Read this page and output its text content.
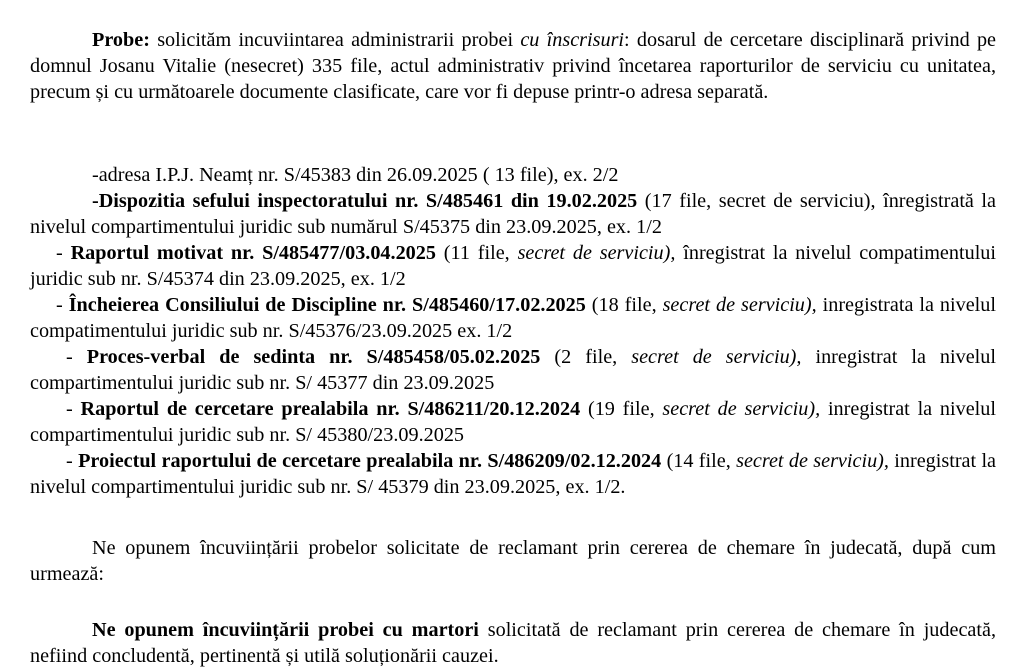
Probe: solicităm incuviintarea administrarii probei cu înscrisuri: dosarul de cercetare disciplinară privind pe domnul Josanu Vitalie (nesecret) 335 file, actul administrativ privind încetarea raporturilor de serviciu cu unitatea, precum și cu următoarele documente clasificate, care vor fi depuse printr-o adresa separată.

-adresa I.P.J. Neamț nr. S/45383 din 26.09.2025 ( 13 file), ex. 2/2

-Dispozitia sefului inspectoratului nr. S/485461 din 19.02.2025 (17 file, secret de serviciu), înregistrată la nivelul compartimentului juridic sub numărul S/45375 din 23.09.2025, ex. 1/2

- Raportul motivat nr. S/485477/03.04.2025 (11 file, secret de serviciu), înregistrat la nivelul compatimentului juridic sub nr. S/45374 din 23.09.2025, ex. 1/2

- Încheierea Consiliului de Discipline nr. S/485460/17.02.2025 (18 file, secret de serviciu), inregistrata la nivelul compatimentului juridic sub nr. S/45376/23.09.2025 ex. 1/2

- Proces-verbal de sedinta nr. S/485458/05.02.2025 (2 file, secret de serviciu), inregistrat la nivelul compartimentului juridic sub nr. S/ 45377 din 23.09.2025

- Raportul de cercetare prealabila nr. S/486211/20.12.2024 (19 file, secret de serviciu), inregistrat la nivelul compartimentului juridic sub nr. S/ 45380/23.09.2025

- Proiectul raportului de cercetare prealabila nr. S/486209/02.12.2024 (14 file, secret de serviciu), inregistrat la nivelul compartimentului juridic sub nr. S/ 45379 din 23.09.2025, ex. 1/2.

Ne opunem încuviințării probelor solicitate de reclamant prin cererea de chemare în judecată, după cum urmează:

Ne opunem încuviințării probei cu martori solicitată de reclamant prin cererea de chemare în judecată, nefiind concludentă, pertinentă și utilă soluționării cauzei.
